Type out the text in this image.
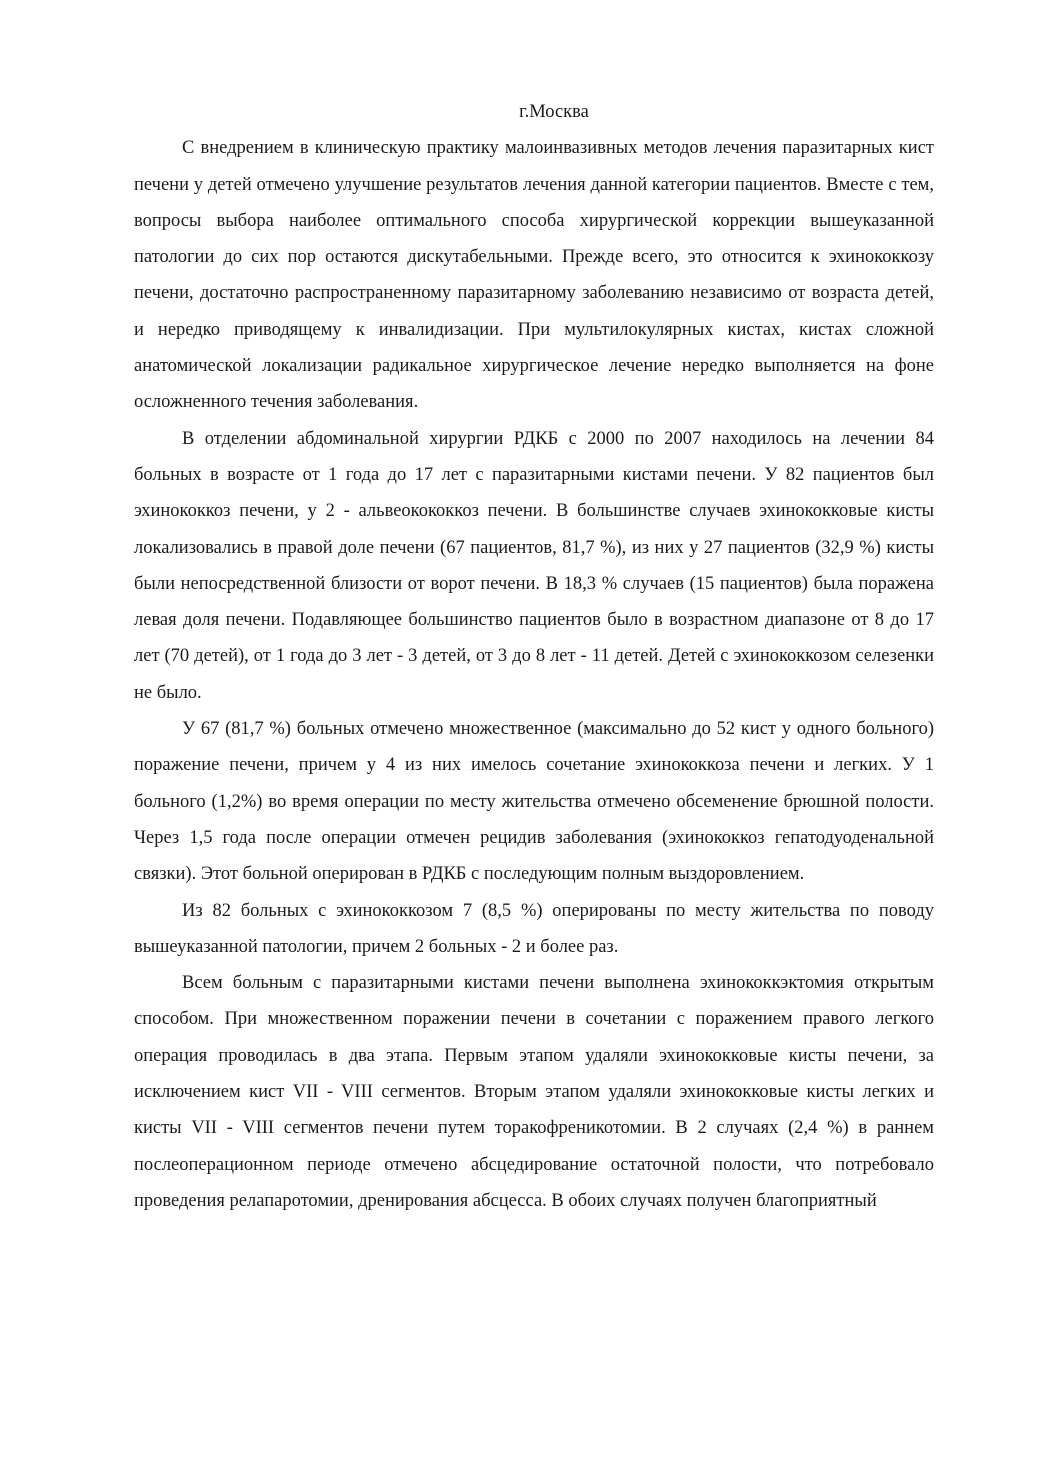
г.Москва

С внедрением в клиническую практику малоинвазивных методов лечения паразитарных кист печени у детей отмечено улучшение результатов лечения данной категории пациентов. Вместе с тем, вопросы выбора наиболее оптимального способа хирургической коррекции вышеуказанной патологии до сих пор остаются дискутабельными. Прежде всего, это относится к эхинококкозу печени, достаточно распространенному паразитарному заболеванию независимо от возраста детей, и нередко приводящему к инвалидизации. При мультилокулярных кистах, кистах сложной анатомической локализации радикальное хирургическое лечение нередко выполняется на фоне осложненного течения заболевания.

В отделении абдоминальной хирургии РДКБ с 2000 по 2007 находилось на лечении 84 больных в возрасте от 1 года до 17 лет с паразитарными кистами печени. У 82 пациентов был эхинококкоз печени, у 2 - альвеокококкоз печени. В большинстве случаев эхинококковые кисты локализовались в правой доле печени (67 пациентов, 81,7 %), из них у 27 пациентов (32,9 %) кисты были непосредственной близости от ворот печени. В 18,3 % случаев (15 пациентов) была поражена левая доля печени. Подавляющее большинство пациентов было в возрастном диапазоне от 8 до 17 лет (70 детей), от 1 года до 3 лет - 3 детей, от 3 до 8 лет - 11 детей. Детей с эхинококкозом селезенки не было.

У 67 (81,7 %) больных отмечено множественное (максимально до 52 кист у одного больного) поражение печени, причем у 4 из них имелось сочетание эхинококкоза печени и легких. У 1 больного (1,2%) во время операции по месту жительства отмечено обсеменение брюшной полости. Через 1,5 года после операции отмечен рецидив заболевания (эхинококкоз гепатодуоденальной связки). Этот больной оперирован в РДКБ с последующим полным выздоровлением.

Из 82 больных с эхинококкозом 7 (8,5 %) оперированы по месту жительства по поводу вышеуказанной патологии, причем 2 больных - 2 и более раз.

Всем больным с паразитарными кистами печени выполнена эхинококкэктомия открытым способом. При множественном поражении печени в сочетании с поражением правого легкого операция проводилась в два этапа. Первым этапом удаляли эхинококковые кисты печени, за исключением кист VII - VIII сегментов. Вторым этапом удаляли эхинококковые кисты легких и кисты VII - VIII сегментов печени путем торакофреникотомии. В 2 случаях (2,4 %) в раннем послеоперационном периоде отмечено абсцедирование остаточной полости, что потребовало проведения релапаротомии, дренирования абсцесса. В обоих случаях получен благоприятный
